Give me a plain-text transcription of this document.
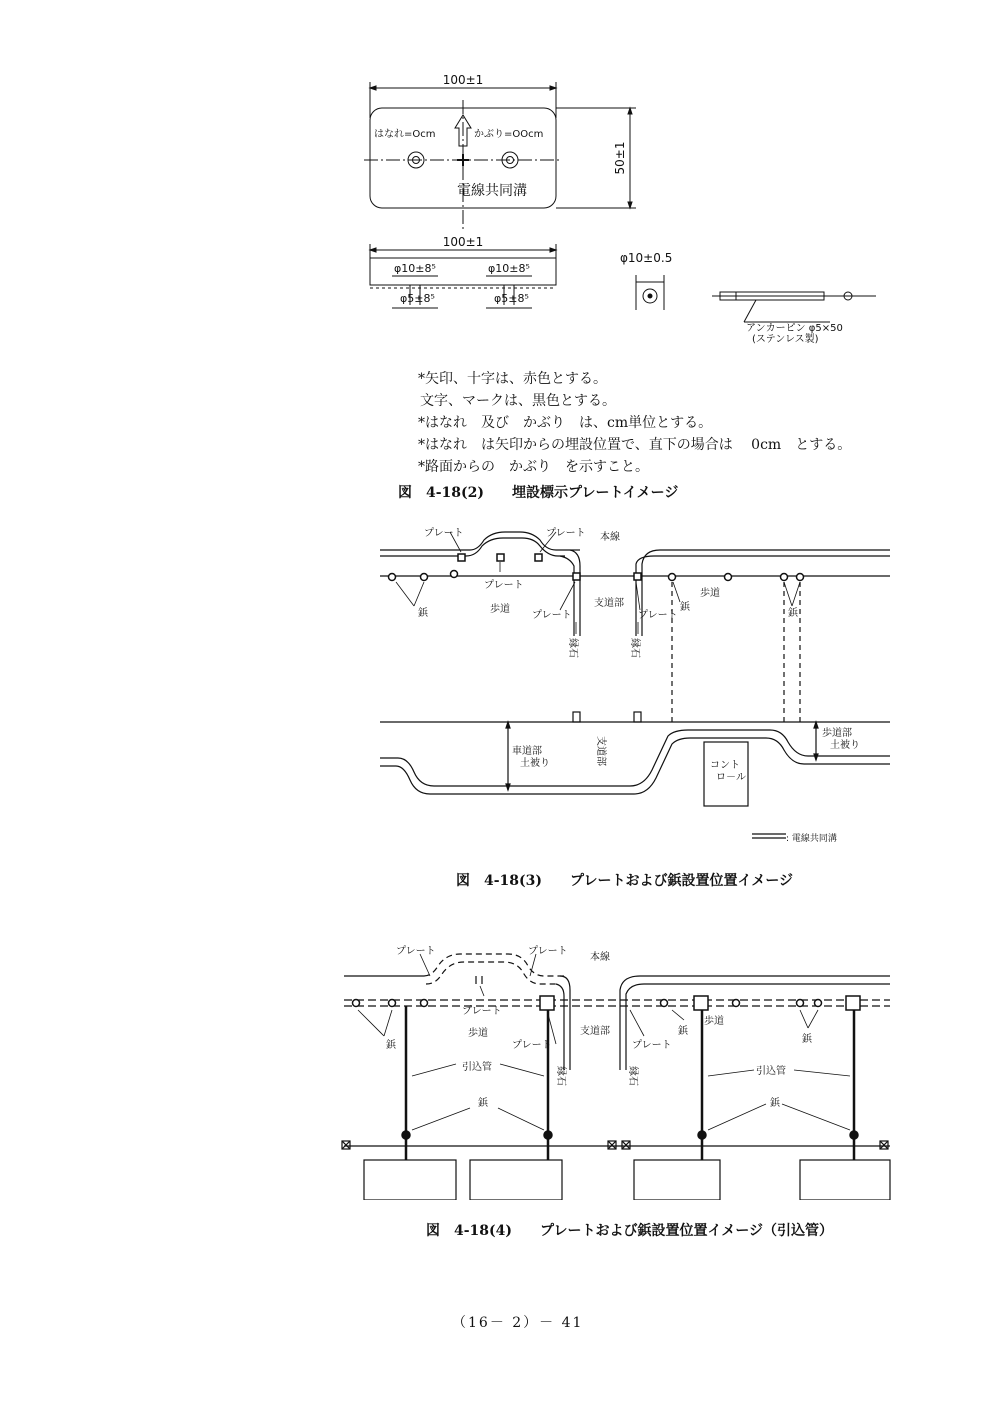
100±1
50±1
はなれ=Ocm	かぶり=OOcm
電線共同溝
100±1
φ10±8⁵	φ10±8⁵
φ5±8⁵	φ5±8⁵
φ10±0.5
アンカーピン φ5×50
(ステンレス製)
*矢印、十字は、赤色とする。
文字、マークは、黒色とする。
*はなれ　及び　かぶり　は、cm単位とする。
*はなれ　は矢印からの埋設位置で、直下の場合は　 0cm　とする。
*路面からの　かぶり　を示すこと。
図　4-18(2)　　埋設標示プレートイメージ
プレート	プレート 本線
プレート
プレート	プレート
鋲
鋲
鋲
歩道
歩道
支道部
縁石	縁石
車道部
土被り	支道部
歩道部
土被り
コント
ロ－ル
: 電線共同溝
図　4-18(3)　　プレートおよび鋲設置位置イメージ
プレート	プレート
本線
プレート
プレート	プレート
鋲
鋲
鋲
鋲	鋲
歩道
歩道
支道部
縁石	縁石
引込管	引込管
図　4-18(4)　　プレートおよび鋲設置位置イメージ（引込管）
（16－ 2）－ 41
